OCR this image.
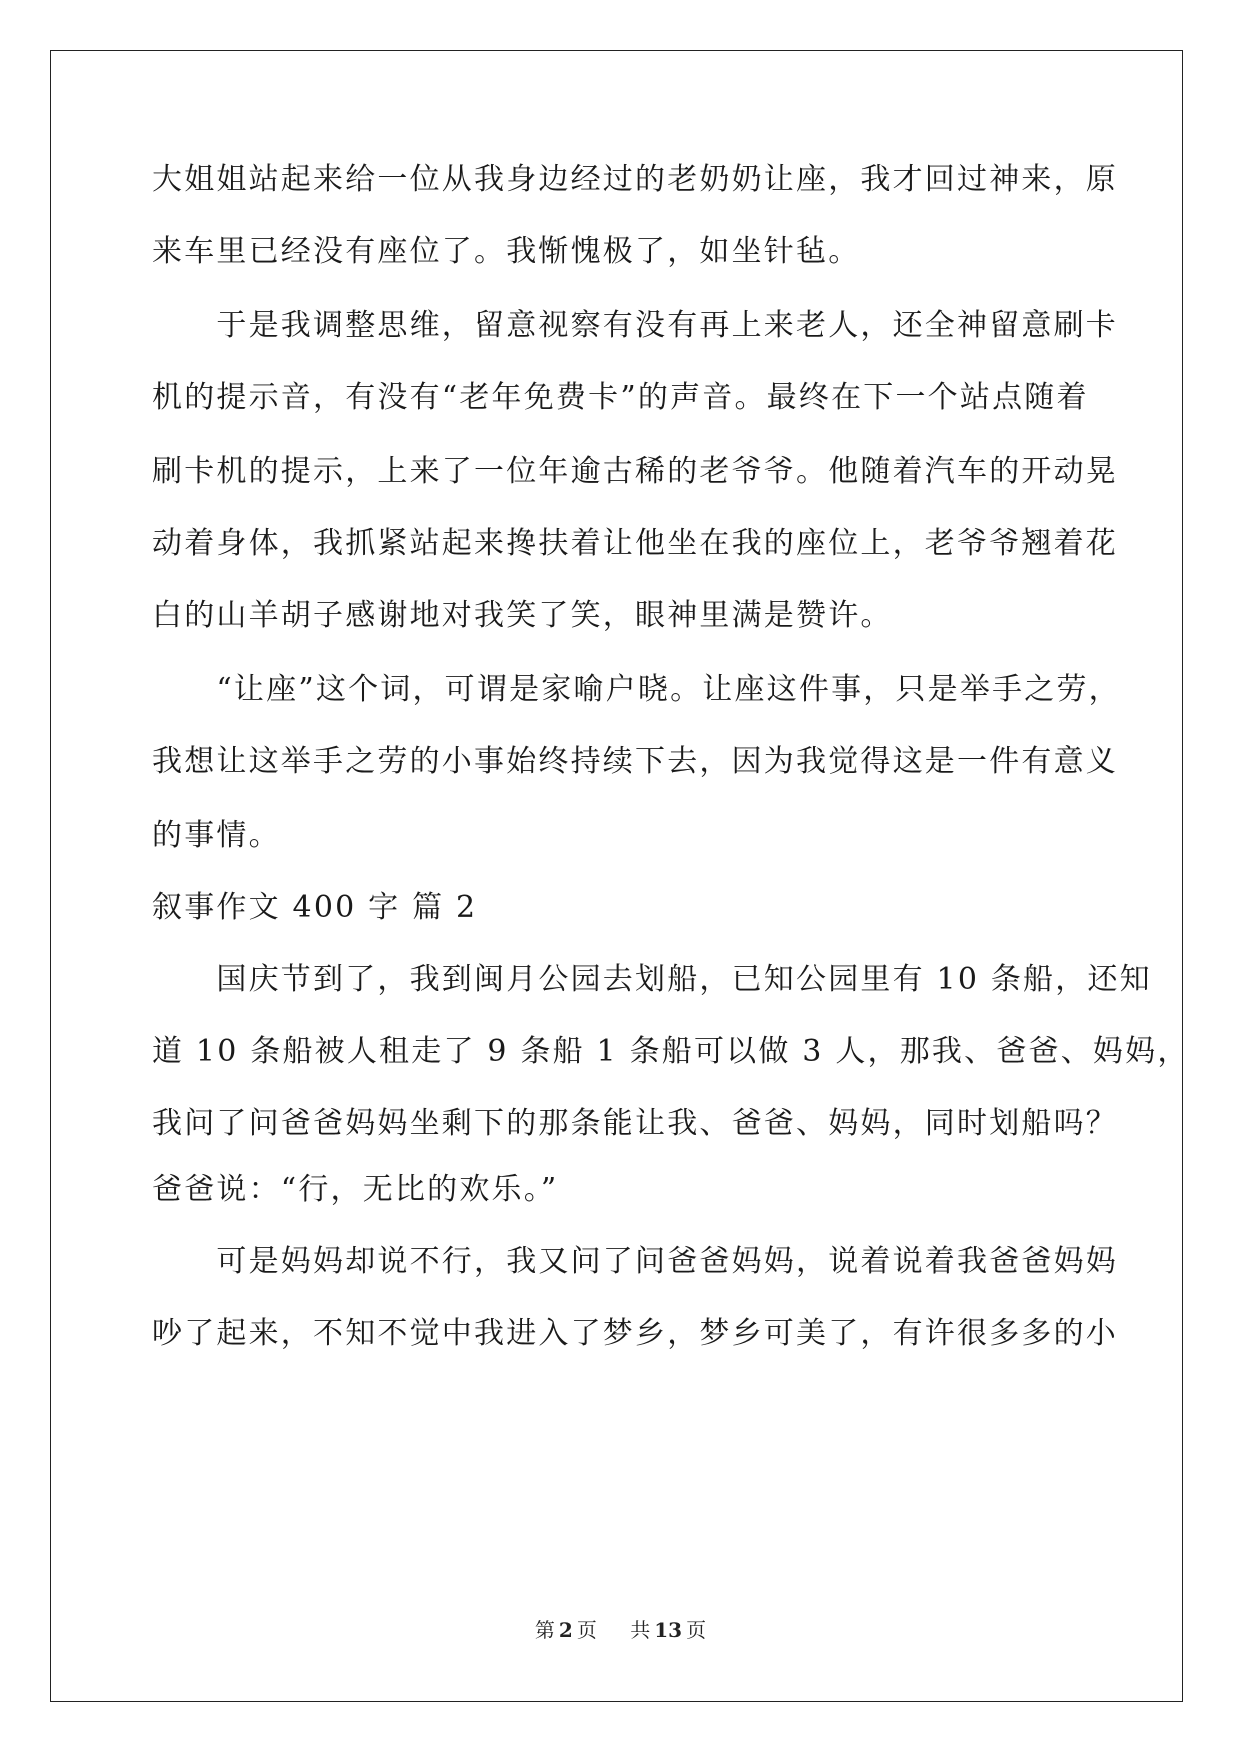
大姐姐站起来给一位从我身边经过的老奶奶让座，我才回过神来，原
来车里已经没有座位了。我惭愧极了，如坐针毡。
　　于是我调整思维，留意视察有没有再上来老人，还全神留意刷卡
机的提示音，有没有“老年免费卡”的声音。最终在下一个站点随着
刷卡机的提示，上来了一位年逾古稀的老爷爷。他随着汽车的开动晃
动着身体，我抓紧站起来搀扶着让他坐在我的座位上，老爷爷翘着花
白的山羊胡子感谢地对我笑了笑，眼神里满是赞许。
　　“让座”这个词，可谓是家喻户晓。让座这件事，只是举手之劳，
我想让这举手之劳的小事始终持续下去，因为我觉得这是一件有意义
的事情。
叙事作文 400 字 篇 2
　　国庆节到了，我到闽月公园去划船，已知公园里有 10 条船，还知
道 10 条船被人租走了 9 条船 1 条船可以做 3 人，那我、爸爸、妈妈，
我问了问爸爸妈妈坐剩下的那条能让我、爸爸、妈妈，同时划船吗？
爸爸说：“行，无比的欢乐。”
　　可是妈妈却说不行，我又问了问爸爸妈妈，说着说着我爸爸妈妈
吵了起来，不知不觉中我进入了梦乡，梦乡可美了，有许很多多的小
第 2 页 共 13 页
